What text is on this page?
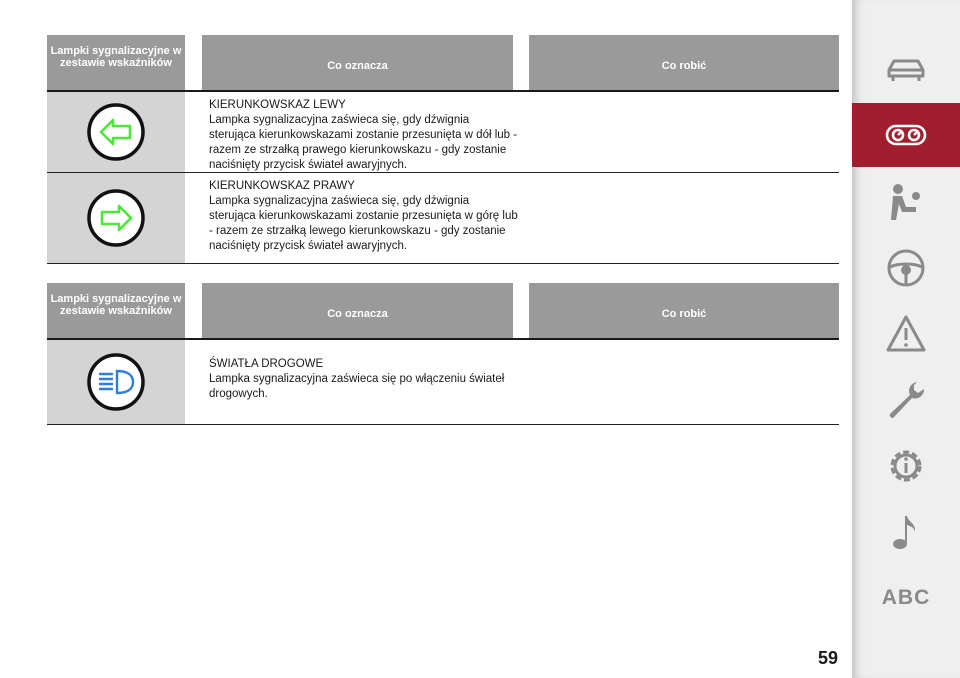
Lampki sygnalizacyjne w zestawie wskaźników	Co oznacza	Co robić
KIERUNKOWSKAZ LEWY
Lampka sygnalizacyjna zaświeca się, gdy dźwignia sterująca kierunkowskazami zostanie przesunięta w dół lub - razem ze strzałką prawego kierunkowskazu - gdy zostanie naciśnięty przycisk świateł awaryjnych.
KIERUNKOWSKAZ PRAWY
Lampka sygnalizacyjna zaświeca się, gdy dźwignia sterująca kierunkowskazami zostanie przesunięta w górę lub - razem ze strzałką lewego kierunkowskazu - gdy zostanie naciśnięty przycisk świateł awaryjnych.
Lampki sygnalizacyjne w zestawie wskaźników	Co oznacza	Co robić
ŚWIATŁA DROGOWE
Lampka sygnalizacyjna zaświeca się po włączeniu świateł drogowych.
59
ABC
